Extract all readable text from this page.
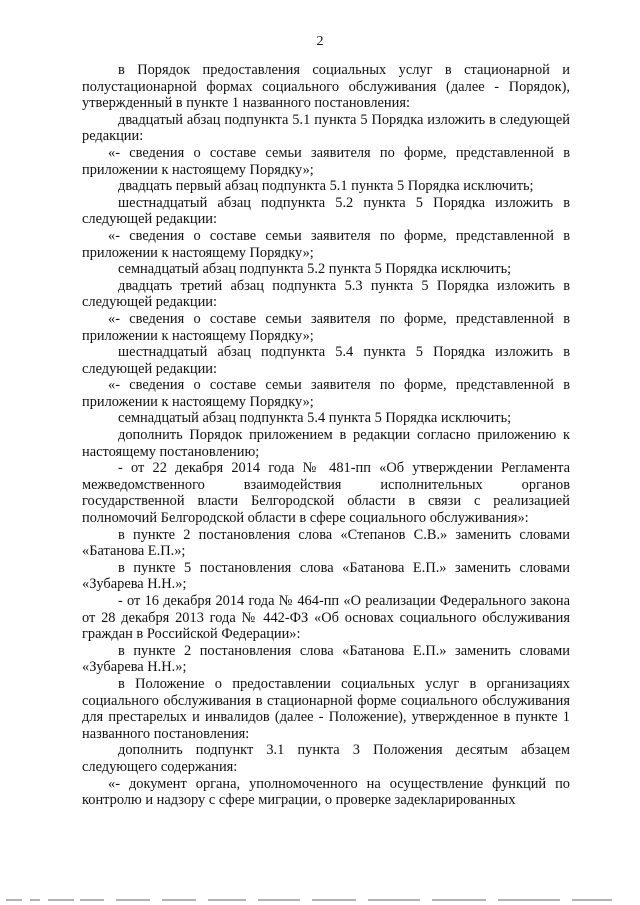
2

в Порядок предоставления социальных услуг в стационарной и полустационарной формах социального обслуживания (далее - Порядок), утвержденный в пункте 1 названного постановления:

двадцатый абзац подпункта 5.1 пункта 5 Порядка изложить в следующей редакции:

«- сведения о составе семьи заявителя по форме, представленной в приложении к настоящему Порядку»;

двадцать первый абзац подпункта 5.1 пункта 5 Порядка исключить;

шестнадцатый абзац подпункта 5.2 пункта 5 Порядка изложить в следующей редакции:

«- сведения о составе семьи заявителя по форме, представленной в приложении к настоящему Порядку»;

семнадцатый абзац подпункта 5.2 пункта 5 Порядка исключить;

двадцать третий абзац подпункта 5.3 пункта 5 Порядка изложить в следующей редакции:

«- сведения о составе семьи заявителя по форме, представленной в приложении к настоящему Порядку»;

шестнадцатый абзац подпункта 5.4 пункта 5 Порядка изложить в следующей редакции:

«- сведения о составе семьи заявителя по форме, представленной в приложении к настоящему Порядку»;

семнадцатый абзац подпункта 5.4 пункта 5 Порядка исключить;

дополнить Порядок приложением в редакции согласно приложению к настоящему постановлению;

- от 22 декабря 2014 года № 481-пп «Об утверждении Регламента межведомственного взаимодействия исполнительных органов государственной власти Белгородской области в связи с реализацией полномочий Белгородской области в сфере социального обслуживания»:

в пункте 2 постановления слова «Степанов С.В.» заменить словами «Батанова Е.П.»;

в пункте 5 постановления слова «Батанова Е.П.» заменить словами «Зубарева Н.Н.»;

- от 16 декабря 2014 года № 464-пп «О реализации Федерального закона от 28 декабря 2013 года № 442-ФЗ «Об основах социального обслуживания граждан в Российской Федерации»:

в пункте 2 постановления слова «Батанова Е.П.» заменить словами «Зубарева Н.Н.»;

в Положение о предоставлении социальных услуг в организациях социального обслуживания в стационарной форме социального обслуживания для престарелых и инвалидов (далее - Положение), утвержденное в пункте 1 названного постановления:

дополнить подпункт 3.1 пункта 3 Положения десятым абзацем следующего содержания:

«- документ органа, уполномоченного на осуществление функций по контролю и надзору с сфере миграции, о проверке задекларированных
